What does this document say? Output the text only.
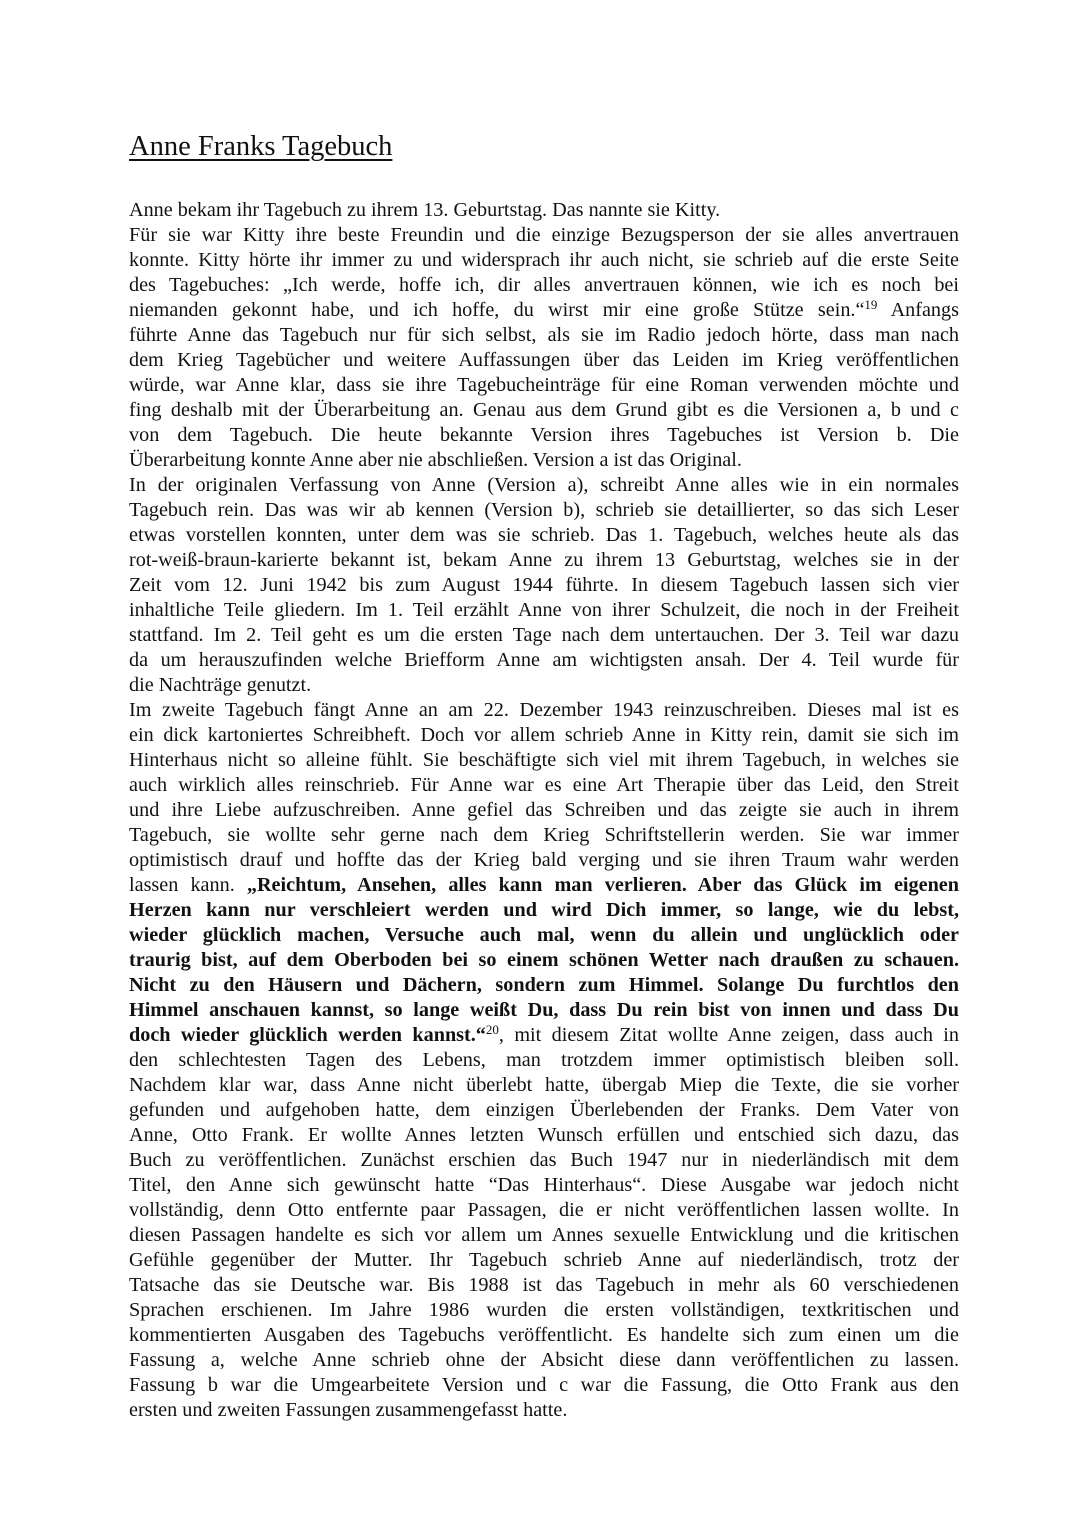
Anne Franks Tagebuch
Anne bekam ihr Tagebuch zu ihrem 13. Geburtstag. Das nannte sie Kitty.
Für sie war Kitty ihre beste Freundin und die einzige Bezugsperson der sie alles anvertrauen
konnte. Kitty hörte ihr immer zu und widersprach ihr auch nicht, sie schrieb auf die erste Seite
des Tagebuches: „Ich werde, hoffe ich, dir alles anvertrauen können, wie ich es noch bei
niemanden gekonnt habe, und ich hoffe, du wirst mir eine große Stütze sein.“$^{19}$ Anfangs
führte Anne das Tagebuch nur für sich selbst, als sie im Radio jedoch hörte, dass man nach
dem Krieg Tagebücher und weitere Auffassungen über das Leiden im Krieg veröffentlichen
würde, war Anne klar, dass sie ihre Tagebucheinträge für eine Roman verwenden möchte und
fing deshalb mit der Überarbeitung an. Genau aus dem Grund gibt es die Versionen a, b und c
von dem Tagebuch. Die heute bekannte Version ihres Tagebuches ist Version b. Die
Überarbeitung konnte Anne aber nie abschließen. Version a ist das Original.
In der originalen Verfassung von Anne (Version a), schreibt Anne alles wie in ein normales
Tagebuch rein. Das was wir ab kennen (Version b), schrieb sie detaillierter, so das sich Leser
etwas vorstellen konnten, unter dem was sie schrieb. Das 1. Tagebuch, welches heute als das
rot-weiß-braun-karierte bekannt ist, bekam Anne zu ihrem 13 Geburtstag, welches sie in der
Zeit vom 12. Juni 1942 bis zum August 1944 führte. In diesem Tagebuch lassen sich vier
inhaltliche Teile gliedern. Im 1. Teil erzählt Anne von ihrer Schulzeit, die noch in der Freiheit
stattfand. Im 2. Teil geht es um die ersten Tage nach dem untertauchen. Der 3. Teil war dazu
da um herauszufinden welche Briefform Anne am wichtigsten ansah. Der 4. Teil wurde für
die Nachträge genutzt.
Im zweite Tagebuch fängt Anne an am 22. Dezember 1943 reinzuschreiben. Dieses mal ist es
ein dick kartoniertes Schreibheft. Doch vor allem schrieb Anne in Kitty rein, damit sie sich im
Hinterhaus nicht so alleine fühlt. Sie beschäftigte sich viel mit ihrem Tagebuch, in welches sie
auch wirklich alles reinschrieb. Für Anne war es eine Art Therapie über das Leid, den Streit
und ihre Liebe aufzuschreiben. Anne gefiel das Schreiben und das zeigte sie auch in ihrem
Tagebuch, sie wollte sehr gerne nach dem Krieg Schriftstellerin werden. Sie war immer
optimistisch drauf und hoffte das der Krieg bald verging und sie ihren Traum wahr werden
lassen kann. „Reichtum, Ansehen, alles kann man verlieren. Aber das Glück im eigenen
Herzen kann nur verschleiert werden und wird Dich immer, so lange, wie du lebst,
wieder glücklich machen, Versuche auch mal, wenn du allein und unglücklich oder
traurig bist, auf dem Oberboden bei so einem schönen Wetter nach draußen zu schauen.
Nicht zu den Häusern und Dächern, sondern zum Himmel. Solange Du furchtlos den
Himmel anschauen kannst, so lange weißt Du, dass Du rein bist von innen und dass Du
doch wieder glücklich werden kannst.“$^{20}$, mit diesem Zitat wollte Anne zeigen, dass auch in
den schlechtesten Tagen des Lebens, man trotzdem immer optimistisch bleiben soll.
Nachdem klar war, dass Anne nicht überlebt hatte, übergab Miep die Texte, die sie vorher
gefunden und aufgehoben hatte, dem einzigen Überlebenden der Franks. Dem Vater von
Anne, Otto Frank. Er wollte Annes letzten Wunsch erfüllen und entschied sich dazu, das
Buch zu veröffentlichen. Zunächst erschien das Buch 1947 nur in niederländisch mit dem
Titel, den Anne sich gewünscht hatte “Das Hinterhaus“. Diese Ausgabe war jedoch nicht
vollständig, denn Otto entfernte paar Passagen, die er nicht veröffentlichen lassen wollte. In
diesen Passagen handelte es sich vor allem um Annes sexuelle Entwicklung und die kritischen
Gefühle gegenüber der Mutter. Ihr Tagebuch schrieb Anne auf niederländisch, trotz der
Tatsache das sie Deutsche war. Bis 1988 ist das Tagebuch in mehr als 60 verschiedenen
Sprachen erschienen. Im Jahre 1986 wurden die ersten vollständigen, textkritischen und
kommentierten Ausgaben des Tagebuchs veröffentlicht. Es handelte sich zum einen um die
Fassung a, welche Anne schrieb ohne der Absicht diese dann veröffentlichen zu lassen.
Fassung b war die Umgearbeitete Version und c war die Fassung, die Otto Frank aus den
ersten und zweiten Fassungen zusammengefasst hatte.
